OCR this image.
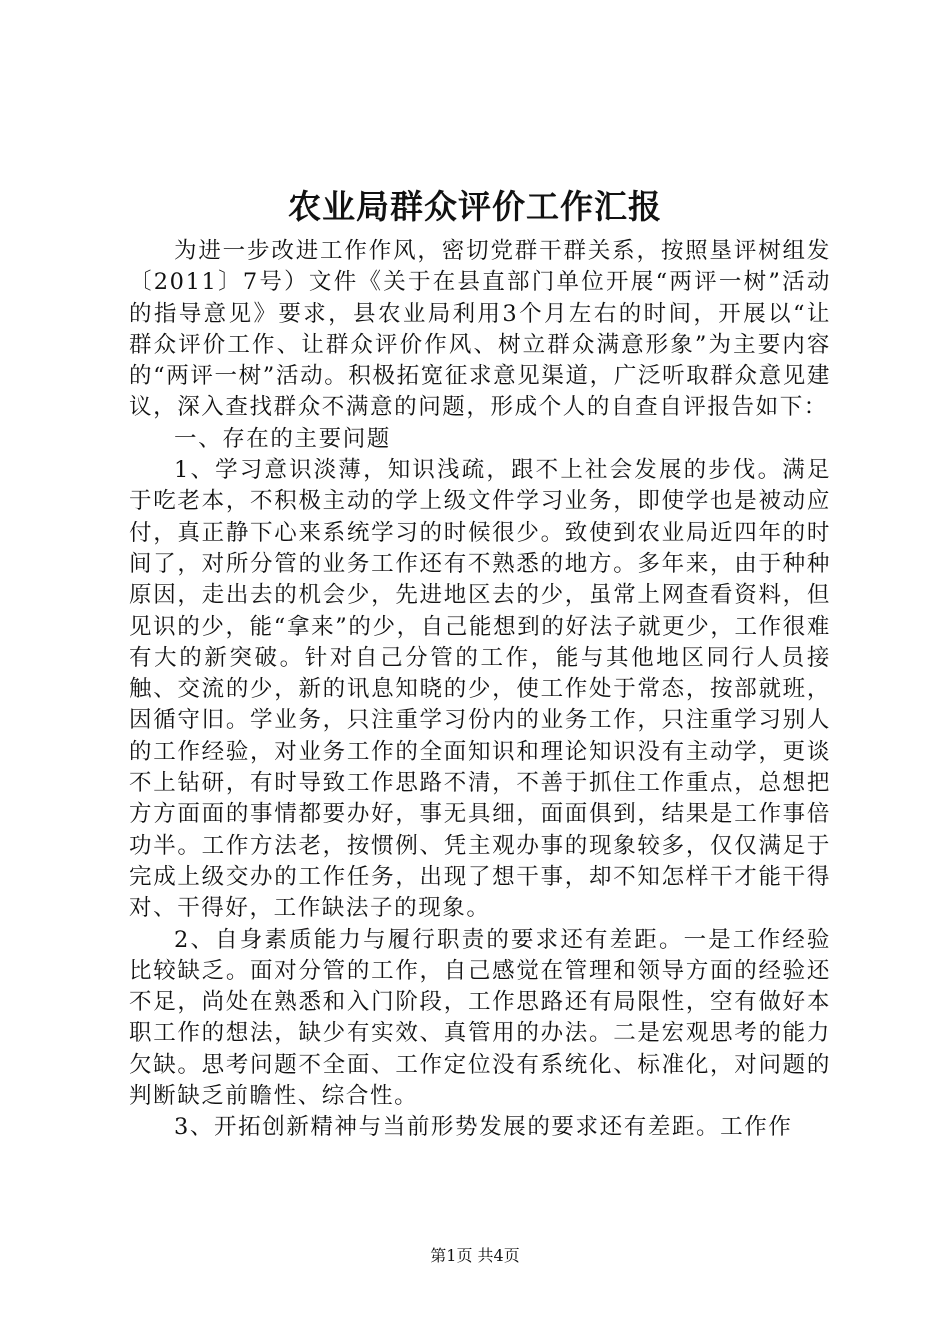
农业局群众评价工作汇报

为进一步改进工作作风，密切党群干群关系，按照垦评树组发〔2011〕7号）文件《关于在县直部门单位开展“两评一树”活动的指导意见》要求，县农业局利用3个月左右的时间，开展以“让群众评价工作、让群众评价作风、树立群众满意形象”为主要内容的“两评一树”活动。积极拓宽征求意见渠道，广泛听取群众意见建议，深入查找群众不满意的问题，形成个人的自查自评报告如下：

一、存在的主要问题

1、学习意识淡薄，知识浅疏，跟不上社会发展的步伐。满足于吃老本，不积极主动的学上级文件学习业务，即使学也是被动应付，真正静下心来系统学习的时候很少。致使到农业局近四年的时间了，对所分管的业务工作还有不熟悉的地方。多年来，由于种种原因，走出去的机会少，先进地区去的少，虽常上网查看资料，但见识的少，能“拿来”的少，自己能想到的好法子就更少，工作很难有大的新突破。针对自己分管的工作，能与其他地区同行人员接触、交流的少，新的讯息知晓的少，使工作处于常态，按部就班，因循守旧。学业务，只注重学习份内的业务工作，只注重学习别人的工作经验，对业务工作的全面知识和理论知识没有主动学，更谈不上钻研，有时导致工作思路不清，不善于抓住工作重点，总想把方方面面的事情都要办好，事无具细，面面俱到，结果是工作事倍功半。工作方法老，按惯例、凭主观办事的现象较多，仅仅满足于完成上级交办的工作任务，出现了想干事，却不知怎样干才能干得对、干得好，工作缺法子的现象。

2、自身素质能力与履行职责的要求还有差距。一是工作经验比较缺乏。面对分管的工作，自己感觉在管理和领导方面的经验还不足，尚处在熟悉和入门阶段，工作思路还有局限性，空有做好本职工作的想法，缺少有实效、真管用的办法。二是宏观思考的能力欠缺。思考问题不全面、工作定位没有系统化、标准化，对问题的判断缺乏前瞻性、综合性。

3、开拓创新精神与当前形势发展的要求还有差距。工作作

第1页 共4页
